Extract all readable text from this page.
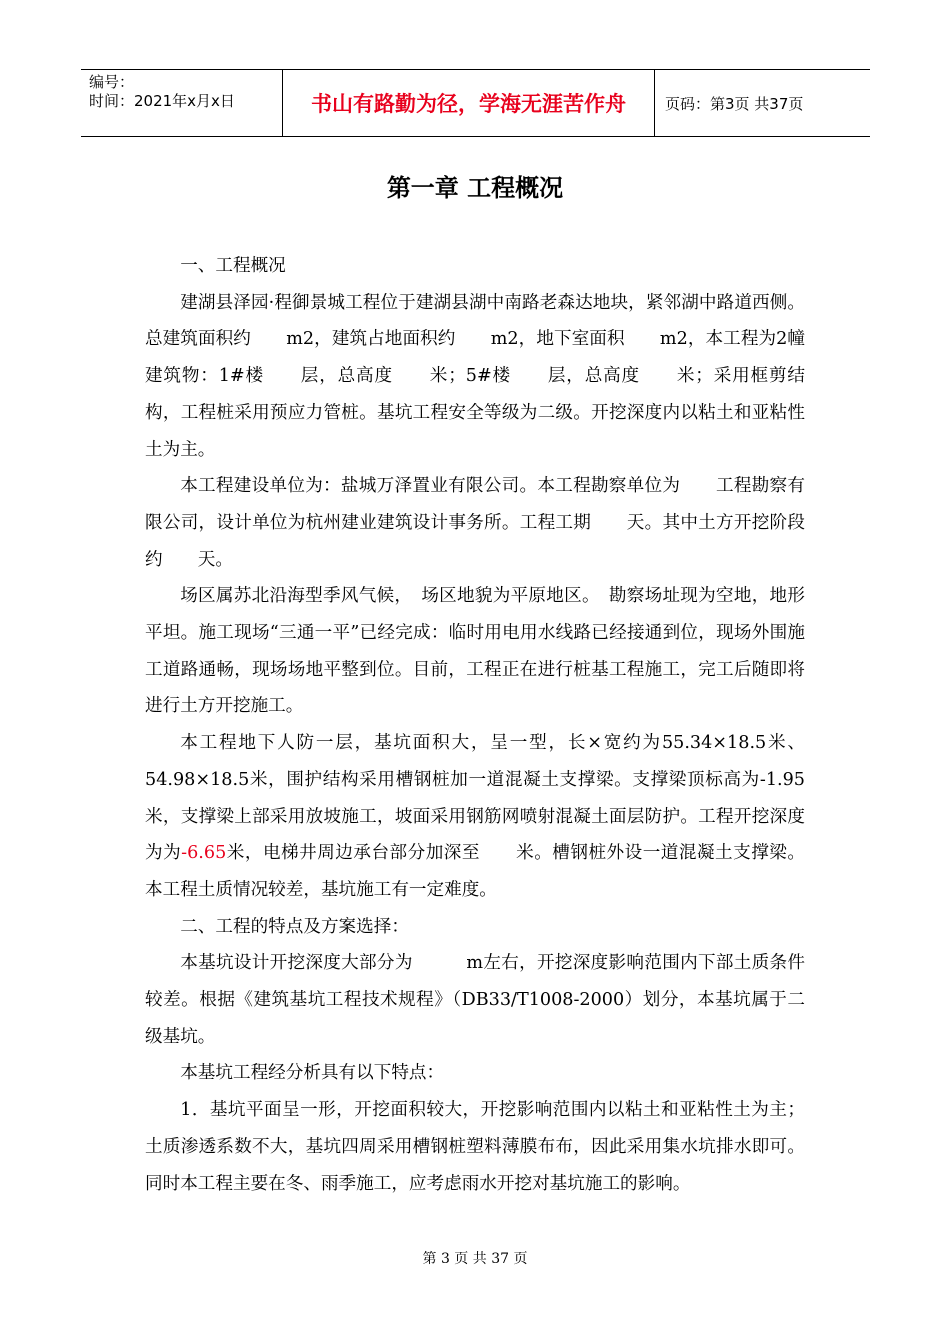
编号：
时间：2021年x月x日	书山有路勤为径，学海无涯苦作舟	页码：第3页 共37页
第一章 工程概况

一、工程概况

建湖县泽园·程御景城工程位于建湖县湖中南路老森达地块，紧邻湖中路道西侧。总建筑面积约　　m2，建筑占地面积约　　m2，地下室面积　　m2，本工程为2幢建筑物：1#楼　　层，总高度　　米；5#楼　　层，总高度　　米；采用框剪结构，工程桩采用预应力管桩。基坑工程安全等级为二级。开挖深度内以粘土和亚粘性土为主。

本工程建设单位为：盐城万泽置业有限公司。本工程勘察单位为　　工程勘察有限公司，设计单位为杭州建业建筑设计事务所。工程工期　　天。其中土方开挖阶段约　　天。

场区属苏北沿海型季风气候，　场区地貌为平原地区。　勘察场址现为空地，地形平坦。施工现场“三通一平”已经完成：临时用电用水线路已经接通到位，现场外围施工道路通畅，现场场地平整到位。目前，工程正在进行桩基工程施工，完工后随即将进行土方开挖施工。

本工程地下人防一层，基坑面积大，呈一型，长×宽约为55.34×18.5米、54.98×18.5米，围护结构采用槽钢桩加一道混凝土支撑梁。支撑梁顶标高为-1.95米，支撑梁上部采用放坡施工，坡面采用钢筋网喷射混凝土面层防护。工程开挖深度为为-6.65米，电梯井周边承台部分加深至　　米。槽钢桩外设一道混凝土支撑梁。本工程土质情况较差，基坑施工有一定难度。

二、工程的特点及方案选择：

本基坑设计开挖深度大部分为　　　m左右，开挖深度影响范围内下部土质条件较差。根据《建筑基坑工程技术规程》（DB33/T1008-2000）划分，本基坑属于二级基坑。

本基坑工程经分析具有以下特点：

1．基坑平面呈一形，开挖面积较大，开挖影响范围内以粘土和亚粘性土为主；土质渗透系数不大，基坑四周采用槽钢桩塑料薄膜布布，因此采用集水坑排水即可。同时本工程主要在冬、雨季施工，应考虑雨水开挖对基坑施工的影响。

第 3 页 共 37 页
